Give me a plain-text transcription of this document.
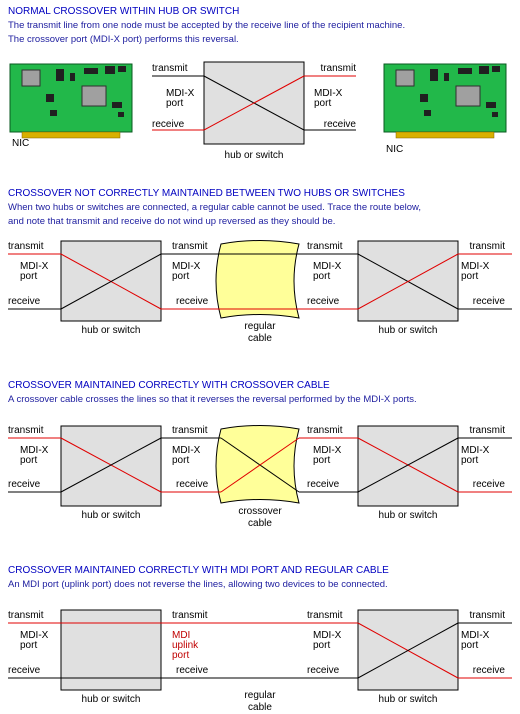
NORMAL CROSSOVER WITHIN HUB OR SWITCH
The transmit line from one node must be accepted by the receive line of the recipient machine.
The crossover port (MDI-X port) performs this reversal.
NIC
NIC
transmit
receive
MDI-X
port
transmit
receive
MDI-X
port
hub or switch
CROSSOVER NOT CORRECTLY MAINTAINED BETWEEN TWO HUBS OR SWITCHES
When two hubs or switches are connected, a regular cable cannot be used. Trace the route below,
and note that transmit and receive do not wind up reversed as they should be.
transmit
receive
MDI-X
port
transmit
receive
MDI-X
port
transmit
receive
MDI-X
port
transmit
receive
MDI-X
port
hub or switch	hub or switch
regular
cable
CROSSOVER MAINTAINED CORRECTLY WITH CROSSOVER CABLE
A crossover cable crosses the lines so that it reverses the reversal performed by the MDI-X ports.
transmit
receive
MDI-X
port
transmit
receive
MDI-X
port
transmit
receive
MDI-X
port
transmit
receive
MDI-X
port
hub or switch	hub or switch
crossover
cable
CROSSOVER MAINTAINED CORRECTLY WITH MDI PORT AND REGULAR CABLE
An MDI port (uplink port) does not reverse the lines, allowing two devices to be connected.
transmit
receive
MDI-X
port
transmit
receive
MDI
uplink
port
transmit
receive
MDI-X
port
transmit
receive
MDI-X
port
hub or switch	hub or switch
regular
cable
